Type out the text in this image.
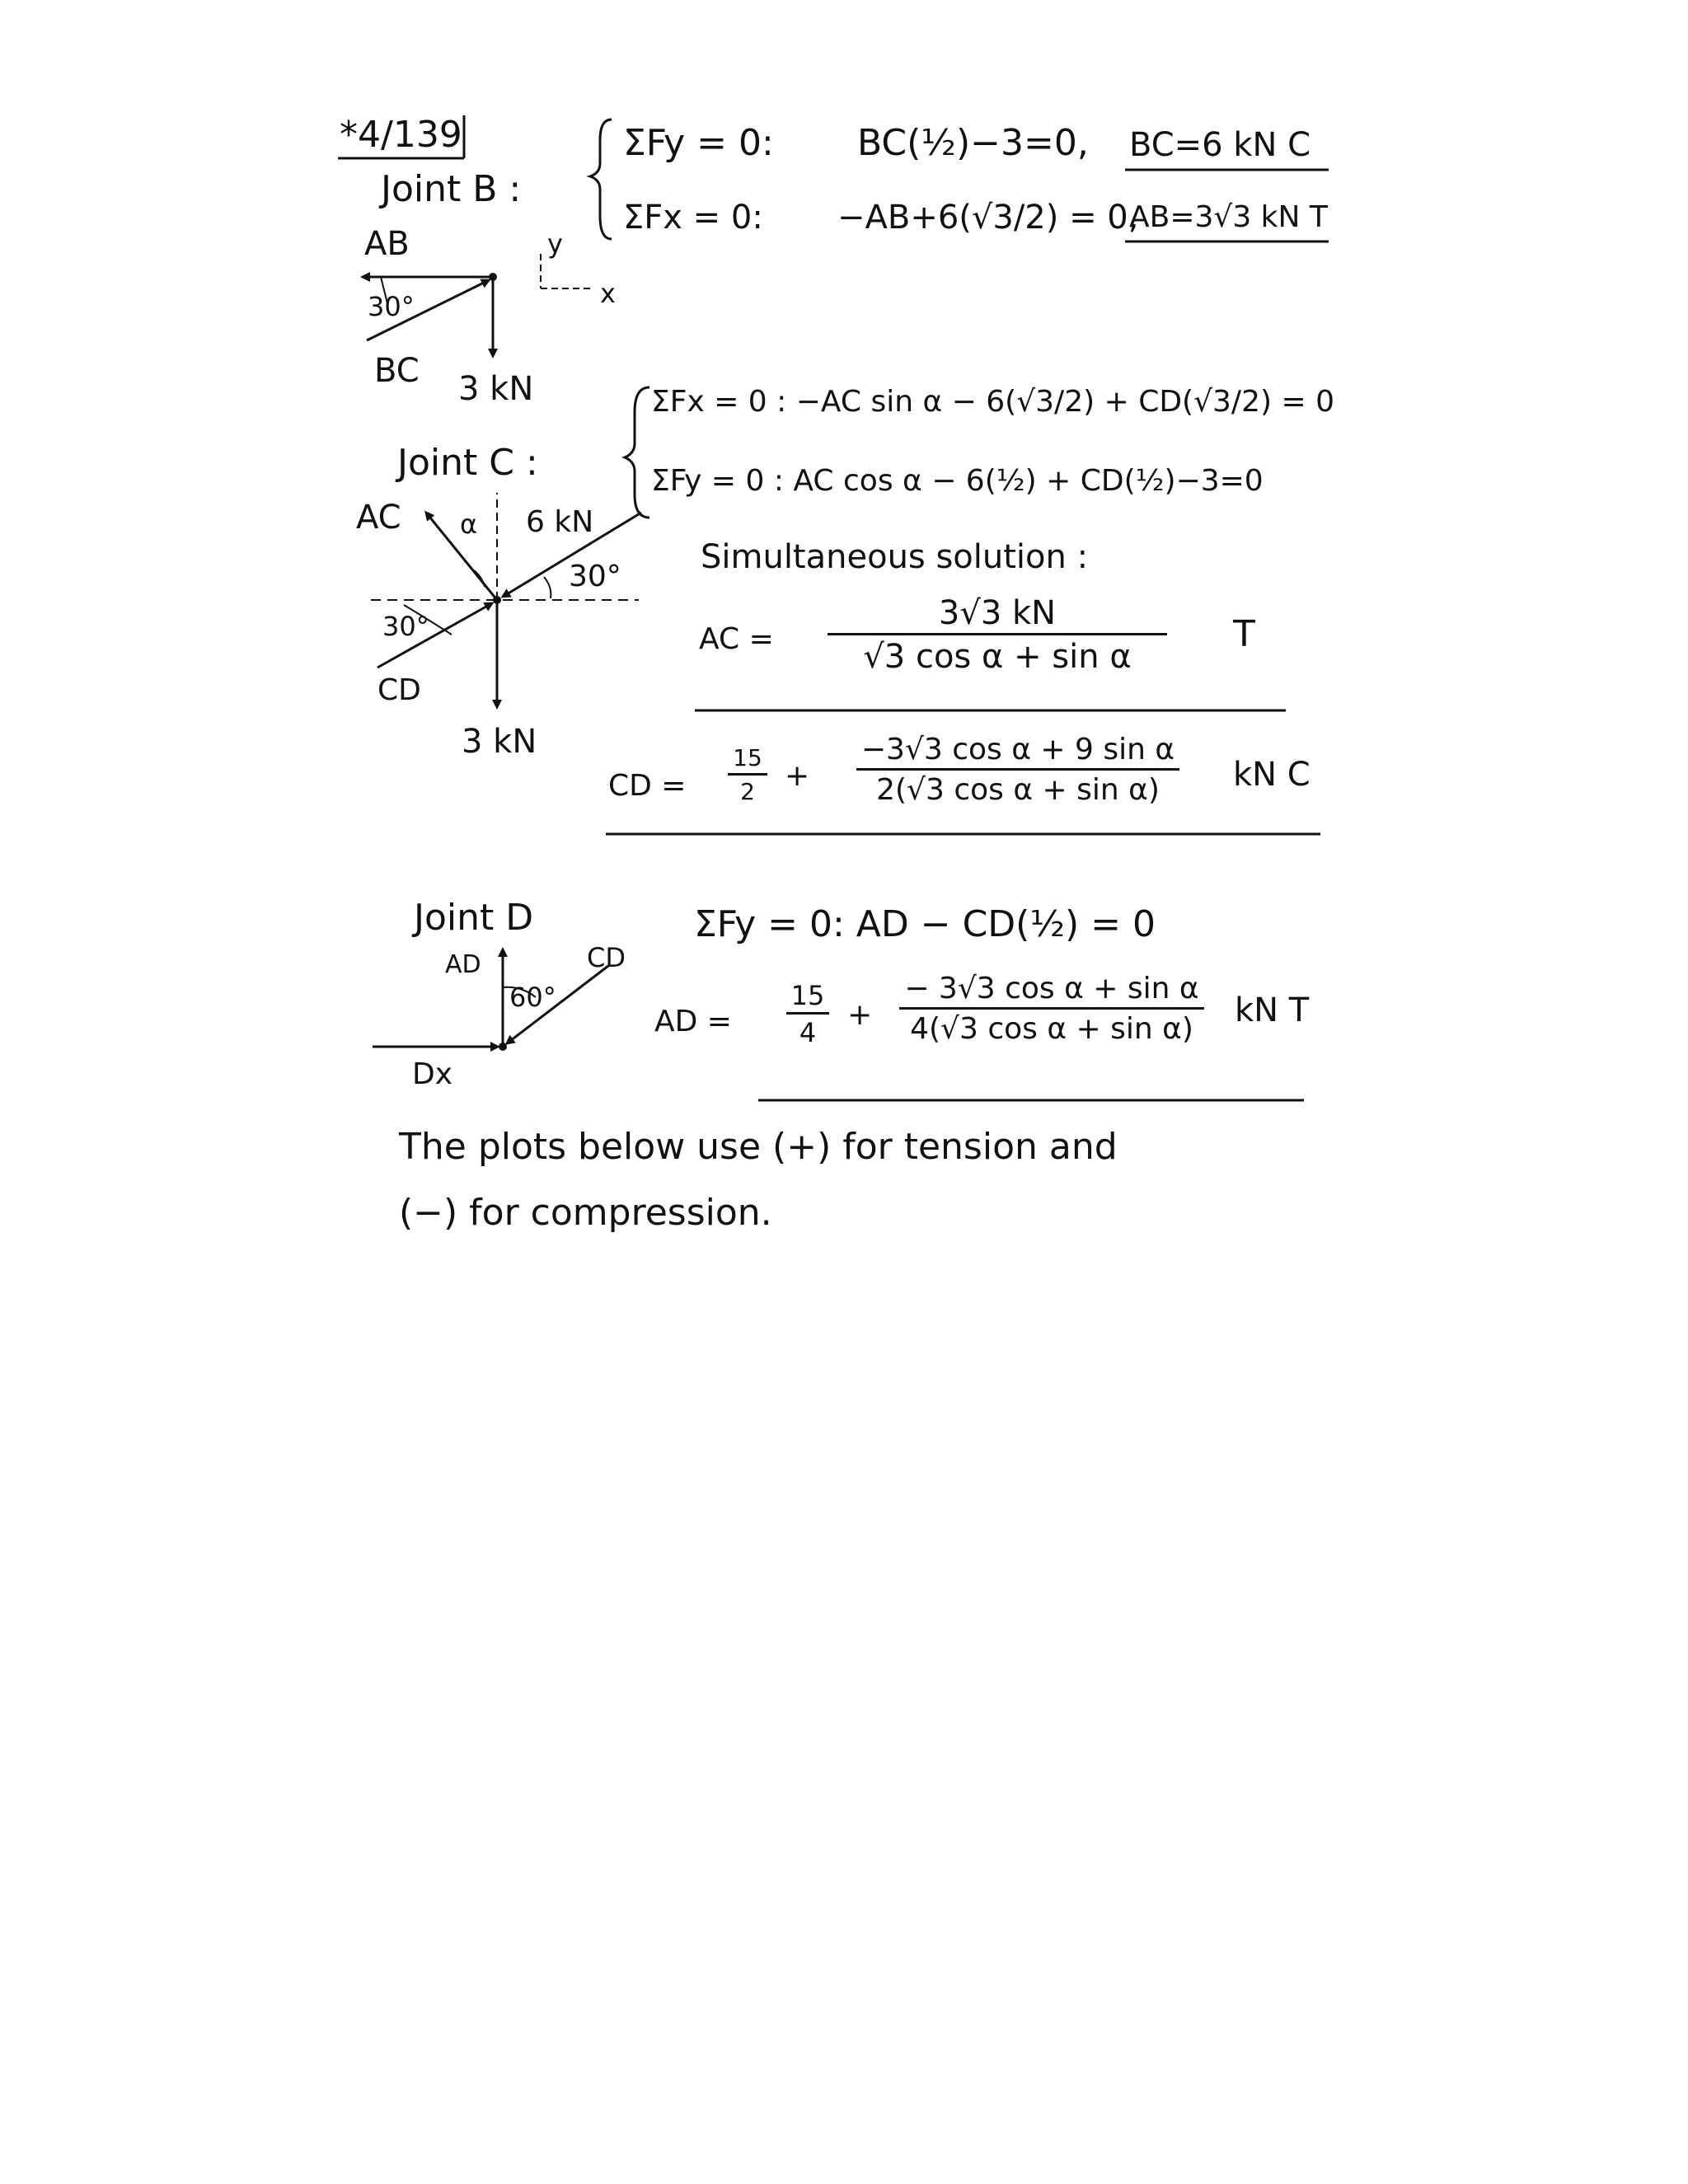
*4/139
Joint B :
AB
30°
BC 3 kN
y
x
ΣFy = 0: BC(½)−3=0, BC=6 kN C
ΣFx = 0: −AB+6(√3/2) = 0,
AB=3√3 kN T
Joint C :
AC α 6 kN
30°
30°
CD
3 kN
ΣFx = 0 : −AC sin α − 6(√3/2) + CD(√3/2) = 0
ΣFy = 0 : AC cos α − 6(½) + CD(½)−3=0
Simultaneous solution :
AC = $\frac{3√3 kN}{\text{√3 cos α + sin α}}$ T
CD = $\frac{15}{2} + \frac{\text{−3√3 cos α + 9 sin α}}{\text{2(√3 cos α + sin α)}}$ kN C
Joint D
AD	CD
60°
Dx
ΣFy = 0: AD − CD(½) = 0
AD = $\frac{15}{4} + \frac{\text{− 3√3 cos α + sin α}}{\text{4(√3 cos α + sin α)}}$ kN T
The plots below use (+) for tension and
(−) for compression.
